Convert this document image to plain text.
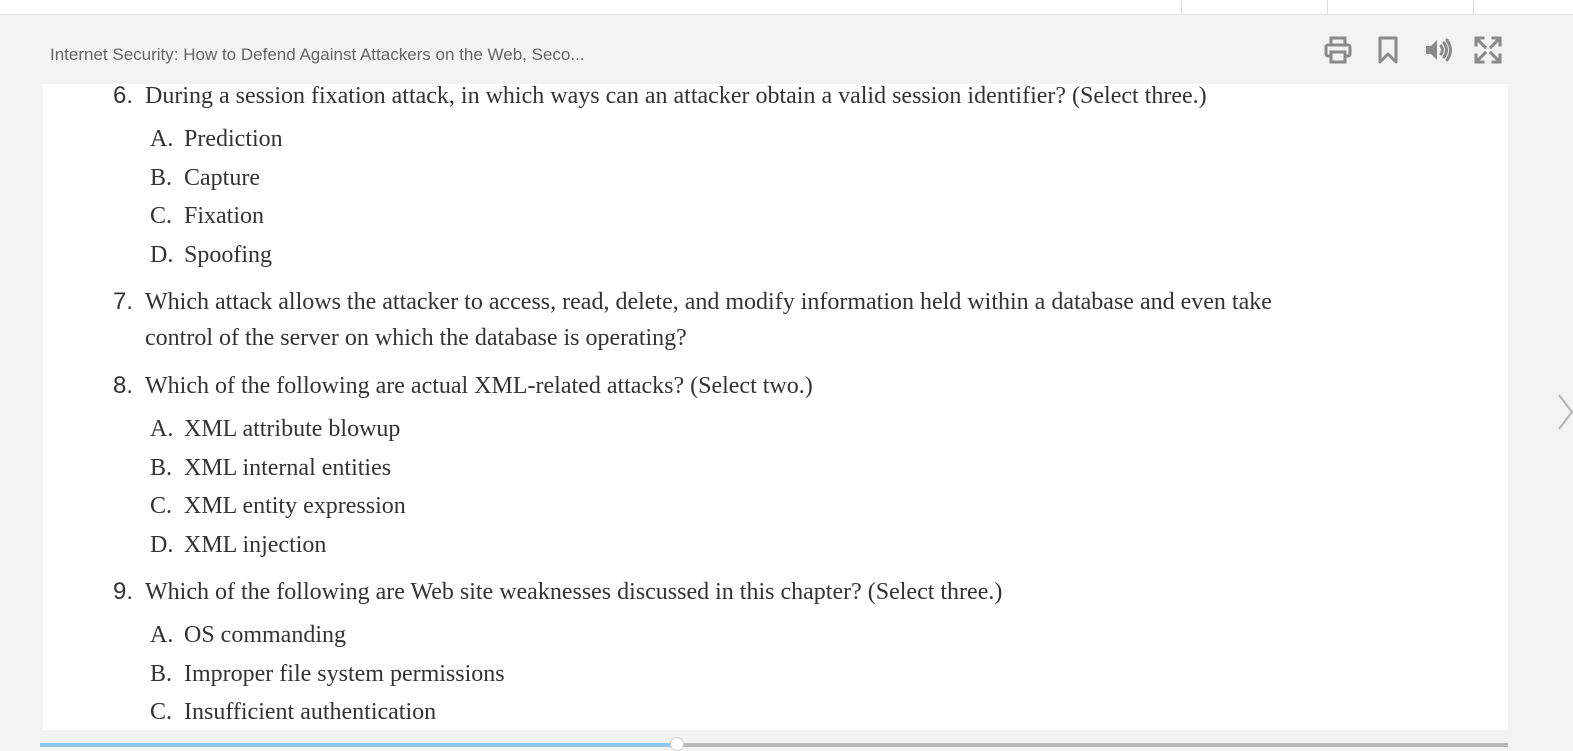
Internet Security: How to Defend Against Attackers on the Web, Seco...
6. During a session fixation attack, in which ways can an attacker obtain a valid session identifier? (Select three.)
A. Prediction
B. Capture
C. Fixation
D. Spoofing
7. Which attack allows the attacker to access, read, delete, and modify information held within a database and even take control of the server on which the database is operating?
8. Which of the following are actual XML-related attacks? (Select two.)
A. XML attribute blowup
B. XML internal entities
C. XML entity expression
D. XML injection
9. Which of the following are Web site weaknesses discussed in this chapter? (Select three.)
A. OS commanding
B. Improper file system permissions
C. Insufficient authentication
